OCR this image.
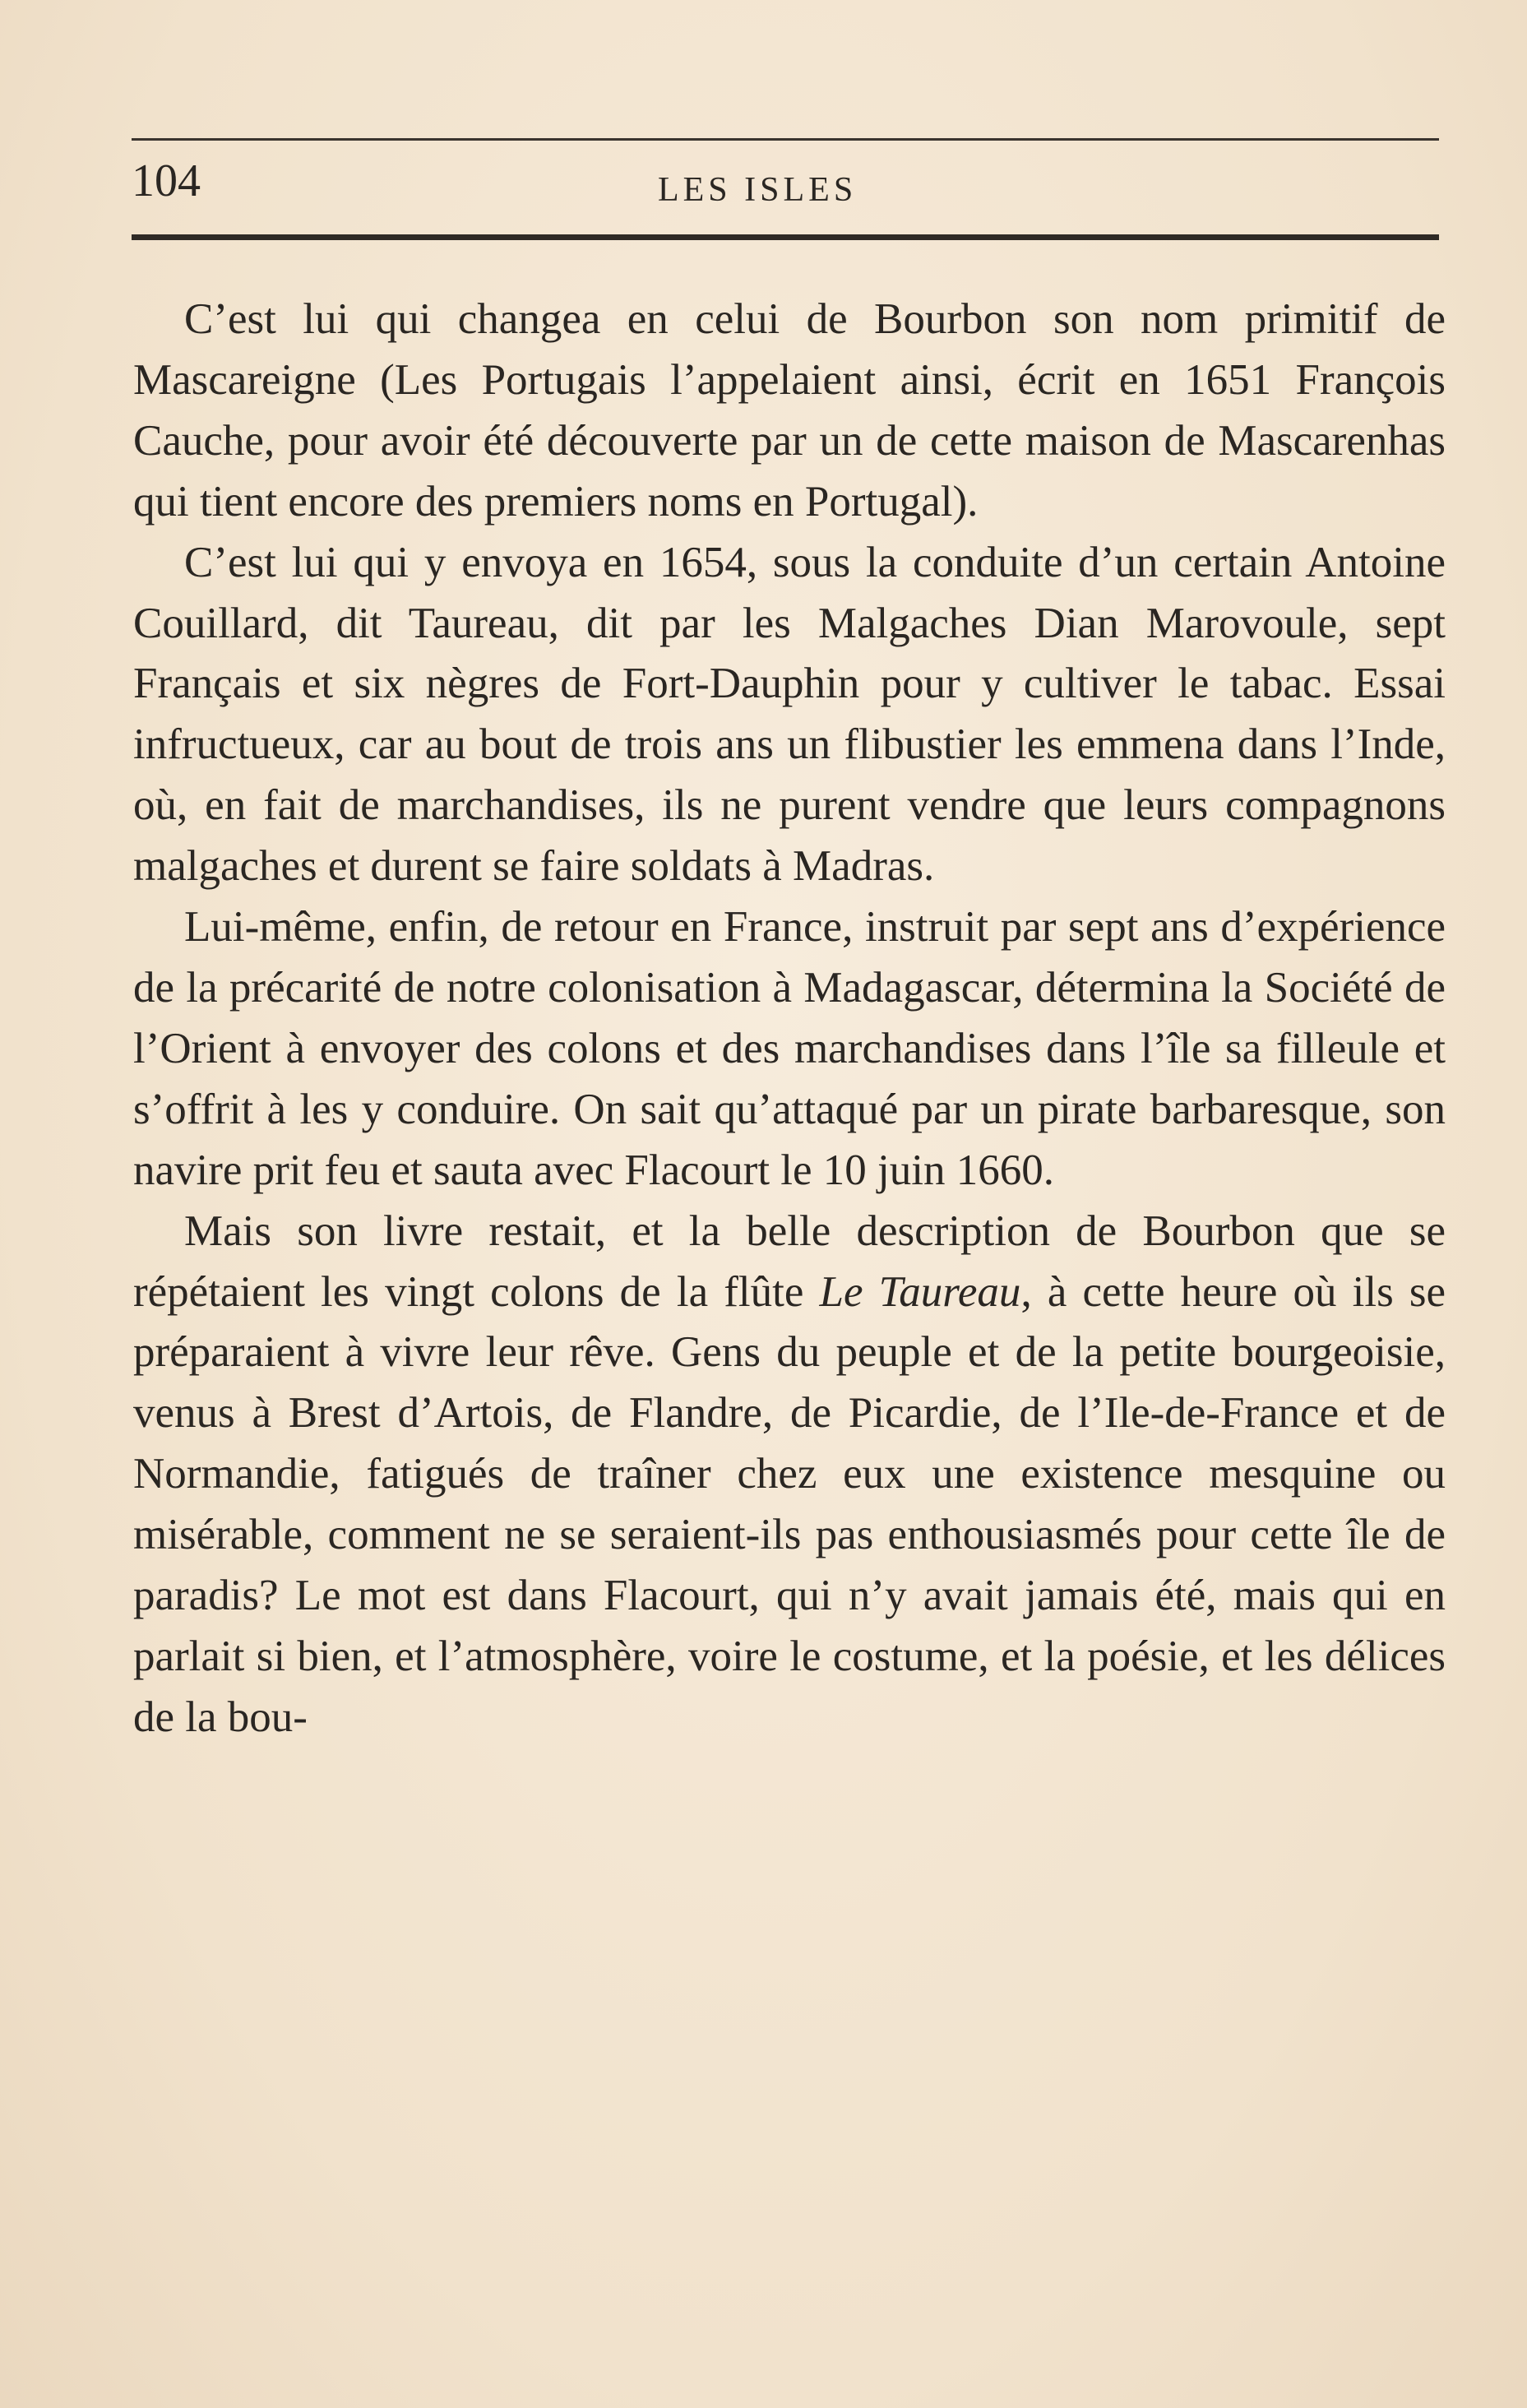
104	LES ISLES

C’est lui qui changea en celui de Bourbon son nom primitif de Mascareigne (Les Portugais l’appelaient ainsi, écrit en 1651 François Cauche, pour avoir été découverte par un de cette maison de Mascarenhas qui tient encore des premiers noms en Portugal).

C’est lui qui y envoya en 1654, sous la conduite d’un certain Antoine Couillard, dit Taureau, dit par les Malgaches Dian Marovoule, sept Français et six nègres de Fort-Dauphin pour y cultiver le tabac. Essai infructueux, car au bout de trois ans un flibustier les emmena dans l’Inde, où, en fait de marchandises, ils ne purent vendre que leurs compagnons malgaches et durent se faire soldats à Madras.

Lui-même, enfin, de retour en France, instruit par sept ans d’expérience de la précarité de notre colonisation à Madagascar, détermina la Société de l’Orient à envoyer des colons et des marchandises dans l’île sa filleule et s’offrit à les y conduire. On sait qu’attaqué par un pirate barbaresque, son navire prit feu et sauta avec Flacourt le 10 juin 1660.

Mais son livre restait, et la belle description de Bourbon que se répétaient les vingt colons de la flûte Le Taureau, à cette heure où ils se préparaient à vivre leur rêve. Gens du peuple et de la petite bourgeoisie, venus à Brest d’Artois, de Flandre, de Picardie, de l’Ile-de-France et de Normandie, fatigués de traîner chez eux une existence mesquine ou misérable, comment ne se seraient-ils pas enthousiasmés pour cette île de paradis? Le mot est dans Flacourt, qui n’y avait jamais été, mais qui en parlait si bien, et l’atmosphère, voire le costume, et la poésie, et les délices de la bou-
